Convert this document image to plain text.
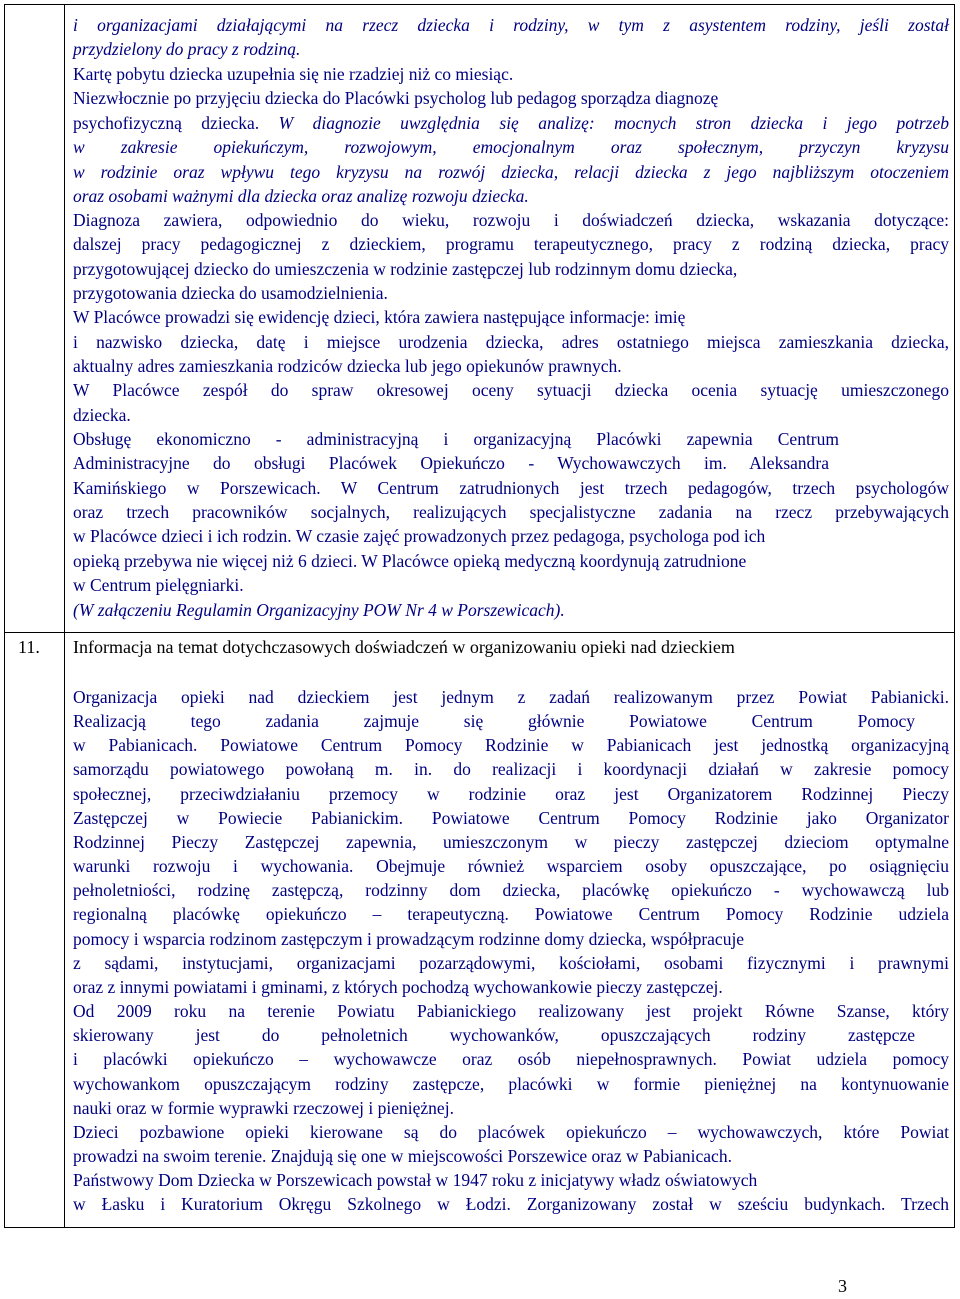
i organizacjami działającymi na rzecz dziecka i rodziny, w tym z asystentem rodziny, jeśli został

przydzielony do pracy z rodziną.

Kartę pobytu dziecka uzupełnia się nie rzadziej niż co miesiąc.

Niezwłocznie po przyjęciu dziecka do Placówki psycholog lub pedagog sporządza diagnozę

psychofizyczną dziecka. W diagnozie uwzględnia się analizę: mocnych stron dziecka i jego potrzeb

w zakresie opiekuńczym, rozwojowym, emocjonalnym oraz społecznym, przyczyn kryzysu

w rodzinie oraz wpływu tego kryzysu na rozwój dziecka, relacji dziecka z jego najbliższym otoczeniem

oraz osobami ważnymi dla dziecka oraz analizę rozwoju dziecka.

Diagnoza zawiera, odpowiednio do wieku, rozwoju i doświadczeń dziecka, wskazania dotyczące:

dalszej pracy pedagogicznej z dzieckiem, programu terapeutycznego, pracy z rodziną dziecka, pracy

przygotowującej dziecko do umieszczenia w rodzinie zastępczej lub rodzinnym domu dziecka,

przygotowania dziecka do usamodzielnienia.

W Placówce prowadzi się ewidencję dzieci, która zawiera następujące informacje: imię

i nazwisko dziecka, datę i miejsce urodzenia dziecka, adres ostatniego miejsca zamieszkania dziecka,

aktualny adres zamieszkania rodziców dziecka lub jego opiekunów prawnych.

W Placówce zespół do spraw okresowej oceny sytuacji dziecka ocenia sytuację umieszczonego

dziecka.

Obsługę ekonomiczno - administracyjną i organizacyjną Placówki zapewnia Centrum

Administracyjne do obsługi Placówek Opiekuńczo - Wychowawczych im. Aleksandra

Kamińskiego w Porszewicach. W Centrum zatrudnionych jest trzech pedagogów, trzech psychologów

oraz trzech pracowników socjalnych, realizujących specjalistyczne zadania na rzecz przebywających

w Placówce dzieci i ich rodzin. W czasie zajęć prowadzonych przez pedagoga, psychologa pod ich

opieką przebywa nie więcej niż 6 dzieci. W Placówce opieką medyczną koordynują zatrudnione

w Centrum pielęgniarki.

(W załączeniu Regulamin Organizacyjny POW Nr 4 w Porszewicach).

11. Informacja na temat dotychczasowych doświadczeń w organizowaniu opieki nad dzieckiem

Organizacja opieki nad dzieckiem jest jednym z zadań realizowanym przez Powiat Pabianicki.

Realizacją tego zadania zajmuje się głównie Powiatowe Centrum Pomocy

w Pabianicach. Powiatowe Centrum Pomocy Rodzinie w Pabianicach jest jednostką organizacyjną

samorządu powiatowego powołaną m. in. do realizacji i koordynacji działań w zakresie pomocy

społecznej, przeciwdziałaniu przemocy w rodzinie oraz jest Organizatorem Rodzinnej Pieczy

Zastępczej w Powiecie Pabianickim. Powiatowe Centrum Pomocy Rodzinie jako Organizator

Rodzinnej Pieczy Zastępczej zapewnia, umieszczonym w pieczy zastępczej dzieciom optymalne

warunki rozwoju i wychowania. Obejmuje również wsparciem osoby opuszczające, po osiągnięciu

pełnoletniości, rodzinę zastępczą, rodzinny dom dziecka, placówkę opiekuńczo - wychowawczą lub

regionalną placówkę opiekuńczo – terapeutyczną. Powiatowe Centrum Pomocy Rodzinie udziela

pomocy i wsparcia rodzinom zastępczym i prowadzącym rodzinne domy dziecka, współpracuje

z sądami, instytucjami, organizacjami pozarządowymi, kościołami, osobami fizycznymi i prawnymi

oraz z innymi powiatami i gminami, z których pochodzą wychowankowie pieczy zastępczej.

Od 2009 roku na terenie Powiatu Pabianickiego realizowany jest projekt Równe Szanse, który

skierowany jest do pełnoletnich wychowanków, opuszczających rodziny zastępcze

i placówki opiekuńczo – wychowawcze oraz osób niepełnosprawnych. Powiat udziela pomocy

wychowankom opuszczającym rodziny zastępcze, placówki w formie pieniężnej na kontynuowanie

nauki oraz w formie wyprawki rzeczowej i pieniężnej.

Dzieci pozbawione opieki kierowane są do placówek opiekuńczo – wychowawczych, które Powiat

prowadzi na swoim terenie. Znajdują się one w miejscowości Porszewice oraz w Pabianicach.

Państwowy Dom Dziecka w Porszewicach powstał w 1947 roku z inicjatywy władz oświatowych

w Łasku i Kuratorium Okręgu Szkolnego w Łodzi. Zorganizowany został w sześciu budynkach. Trzech

3
